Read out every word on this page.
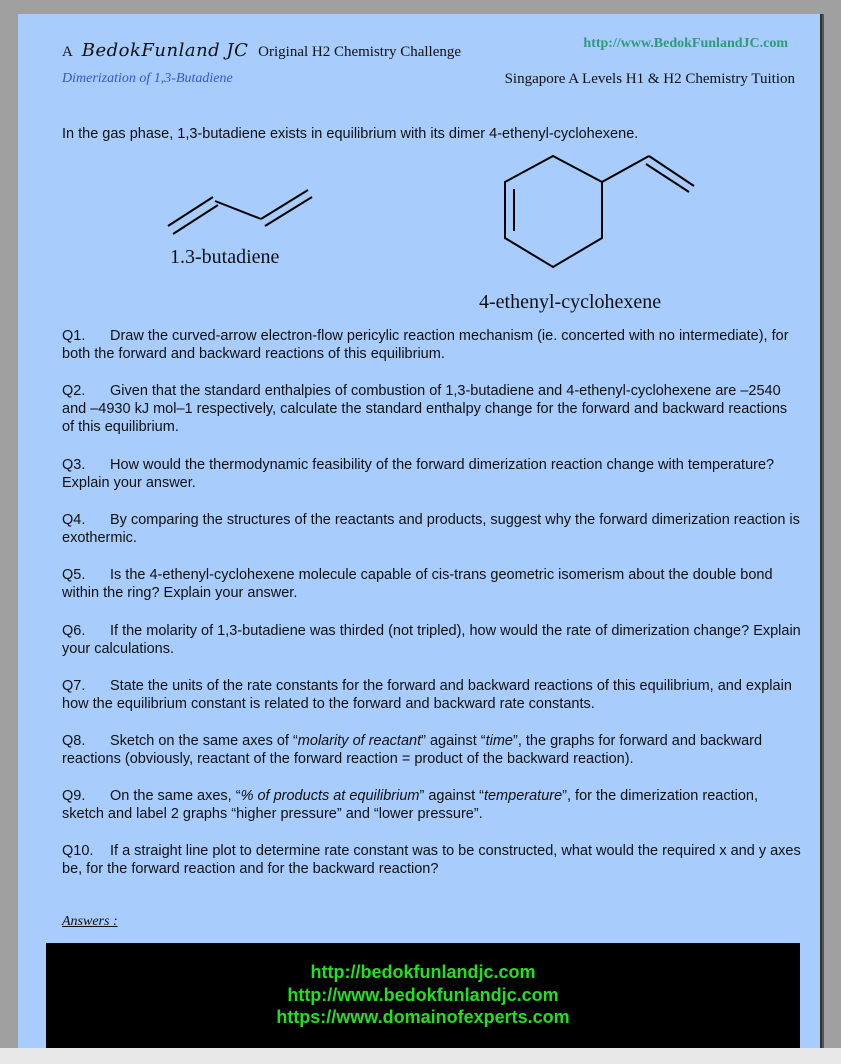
A BedokFunland JC Original H2 Chemistry Challenge
http://www.BedokFunlandJC.com
Dimerization of 1,3-Butadiene	Singapore A Levels H1 & H2 Chemistry Tuition
In the gas phase, 1,3-butadiene exists in equilibrium with its dimer 4-ethenyl-cyclohexene.
1.3-butadiene
4-ethenyl-cyclohexene
Q1. Draw the curved-arrow electron-flow pericylic reaction mechanism (ie. concerted with no intermediate), for both the forward and backward reactions of this equilibrium.
Q2. Given that the standard enthalpies of combustion of 1,3-butadiene and 4-ethenyl-cyclohexene are –2540 and –4930 kJ mol–1 respectively, calculate the standard enthalpy change for the forward and backward reactions of this equilibrium.
Q3. How would the thermodynamic feasibility of the forward dimerization reaction change with temperature? Explain your answer.
Q4. By comparing the structures of the reactants and products, suggest why the forward dimerization reaction is exothermic.
Q5. Is the 4-ethenyl-cyclohexene molecule capable of cis-trans geometric isomerism about the double bond within the ring? Explain your answer.
Q6. If the molarity of 1,3-butadiene was thirded (not tripled), how would the rate of dimerization change? Explain your calculations.
Q7. State the units of the rate constants for the forward and backward reactions of this equilibrium, and explain how the equilibrium constant is related to the forward and backward rate constants.
Q8. Sketch on the same axes of “molarity of reactant” against “time”, the graphs for forward and backward reactions (obviously, reactant of the forward reaction = product of the backward reaction).
Q9. On the same axes, “% of products at equilibrium” against “temperature”, for the dimerization reaction, sketch and label 2 graphs “higher pressure” and “lower pressure”.
Q10. If a straight line plot to determine rate constant was to be constructed, what would the required x and y axes be, for the forward reaction and for the backward reaction?
Answers :
http://bedokfunlandjc.com
http://www.bedokfunlandjc.com
https://www.domainofexperts.com
